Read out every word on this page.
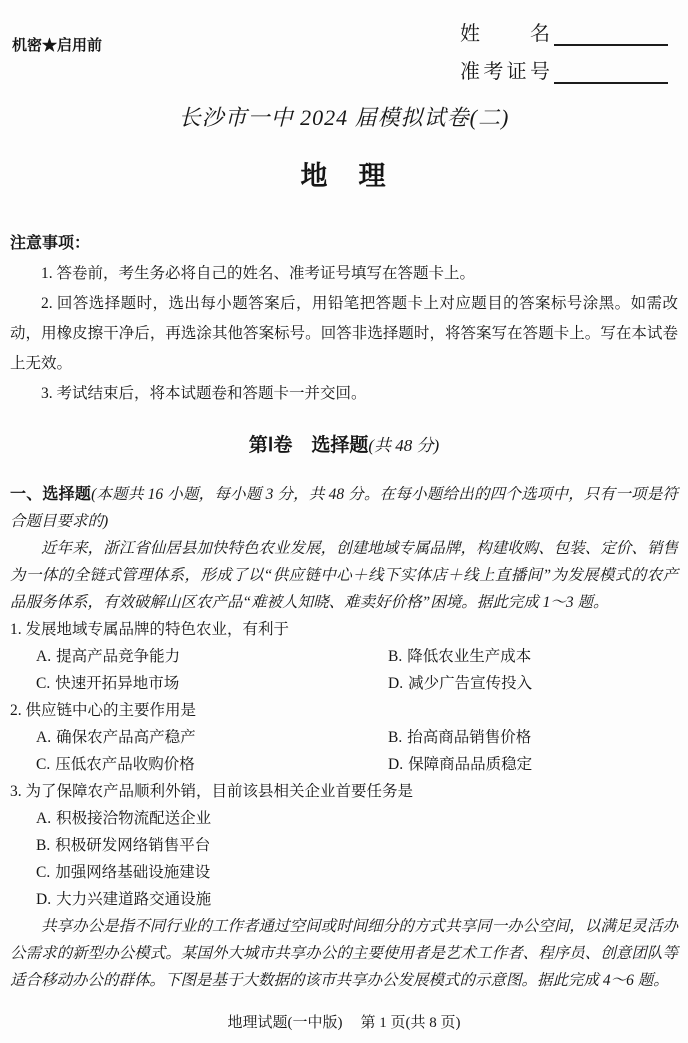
机密★启用前
姓名
准考证号
长沙市一中 2024 届模拟试卷(二)
地　理
注意事项：

1. 答卷前，考生务必将自己的姓名、准考证号填写在答题卡上。

2. 回答选择题时，选出每小题答案后，用铅笔把答题卡上对应题目的答案标号涂黑。如需改动，用橡皮擦干净后，再选涂其他答案标号。回答非选择题时，将答案写在答题卡上。写在本试卷上无效。

3. 考试结束后，将本试题卷和答题卡一并交回。

第Ⅰ卷　选择题(共 48 分)

一、选择题(本题共 16 小题，每小题 3 分，共 48 分。在每小题给出的四个选项中，只有一项是符合题目要求的)

近年来，浙江省仙居县加快特色农业发展，创建地域专属品牌，构建收购、包装、定价、销售为一体的全链式管理体系，形成了以“供应链中心＋线下实体店＋线上直播间”为发展模式的农产品服务体系，有效破解山区农产品“难被人知晓、难卖好价格”困境。据此完成 1～3 题。

1. 发展地域专属品牌的特色农业，有利于

A. 提高产品竞争能力	B. 降低农业生产成本
C. 快速开拓异地市场	D. 减少广告宣传投入

2. 供应链中心的主要作用是

A. 确保农产品高产稳产	B. 抬高商品销售价格
C. 压低农产品收购价格	D. 保障商品品质稳定

3. 为了保障农产品顺利外销，目前该县相关企业首要任务是

A. 积极接洽物流配送企业
B. 积极研发网络销售平台
C. 加强网络基础设施建设
D. 大力兴建道路交通设施

共享办公是指不同行业的工作者通过空间或时间细分的方式共享同一办公空间，以满足灵活办公需求的新型办公模式。某国外大城市共享办公的主要使用者是艺术工作者、程序员、创意团队等适合移动办公的群体。下图是基于大数据的该市共享办公发展模式的示意图。据此完成 4～6 题。

地理试题(一中版) 第 1 页(共 8 页)
